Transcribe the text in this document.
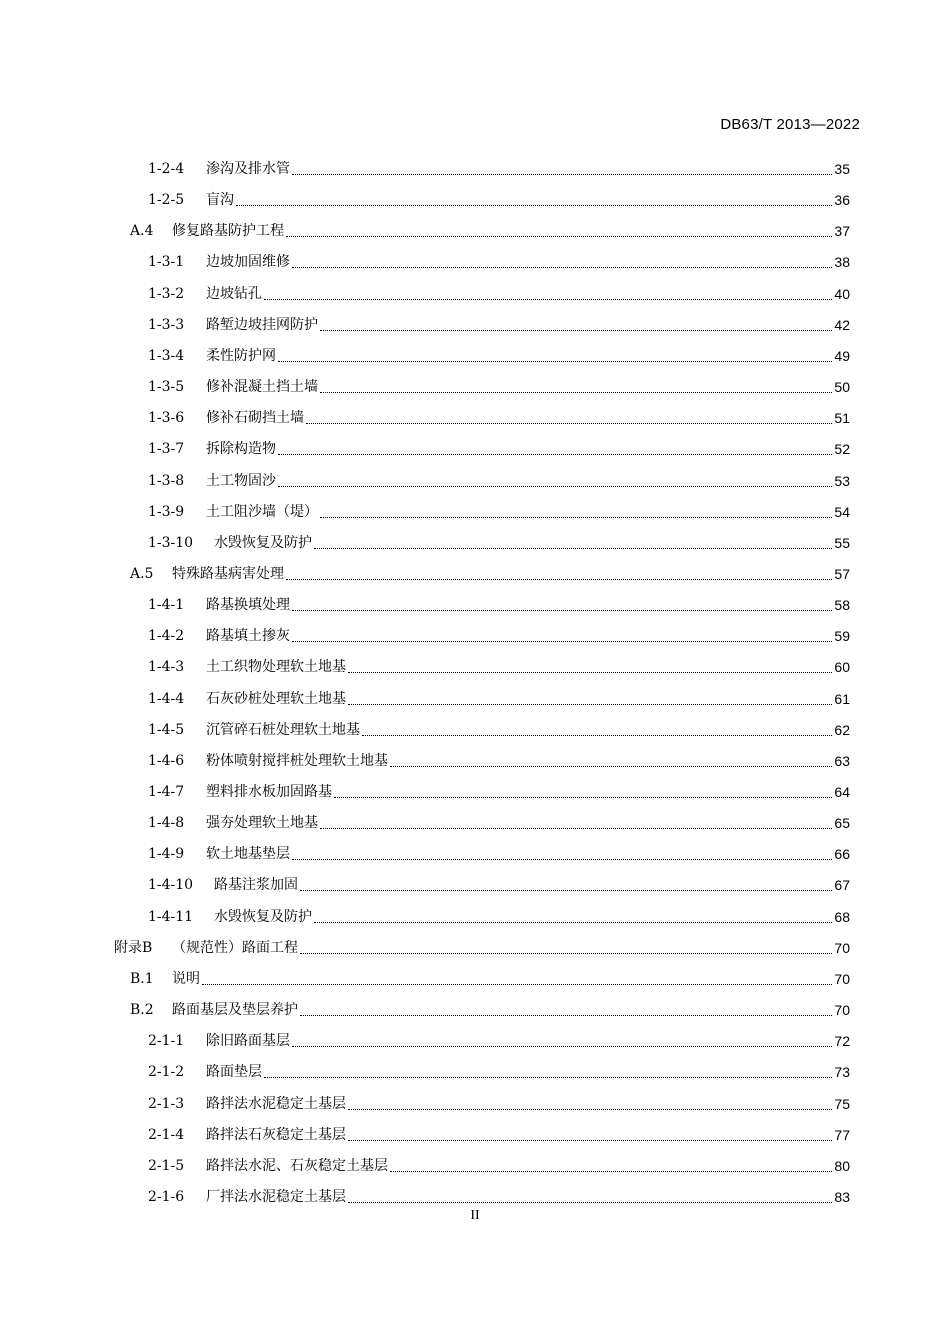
DB63/T 2013—2022
1-2-4	渗沟及排水管	35
1-2-5	盲沟	36
A.4	修复路基防护工程	37
1-3-1	边坡加固维修	38
1-3-2	边坡钻孔	40
1-3-3	路堑边坡挂网防护	42
1-3-4	柔性防护网	49
1-3-5	修补混凝土挡土墙	50
1-3-6	修补石砌挡土墙	51
1-3-7	拆除构造物	52
1-3-8	土工物固沙	53
1-3-9	土工阻沙墙（堤）	54
1-3-10	水毁恢复及防护	55
A.5	特殊路基病害处理	57
1-4-1	路基换填处理	58
1-4-2	路基填土掺灰	59
1-4-3	土工织物处理软土地基	60
1-4-4	石灰砂桩处理软土地基	61
1-4-5	沉管碎石桩处理软土地基	62
1-4-6	粉体喷射搅拌桩处理软土地基	63
1-4-7	塑料排水板加固路基	64
1-4-8	强夯处理软土地基	65
1-4-9	软土地基垫层	66
1-4-10	路基注浆加固	67
1-4-11	水毁恢复及防护	68
附录B	（规范性）路面工程	70
B.1	说明	70
B.2	路面基层及垫层养护	70
2-1-1	除旧路面基层	72
2-1-2	路面垫层	73
2-1-3	路拌法水泥稳定土基层	75
2-1-4	路拌法石灰稳定土基层	77
2-1-5	路拌法水泥、石灰稳定土基层	80
2-1-6	厂拌法水泥稳定土基层	83
II
